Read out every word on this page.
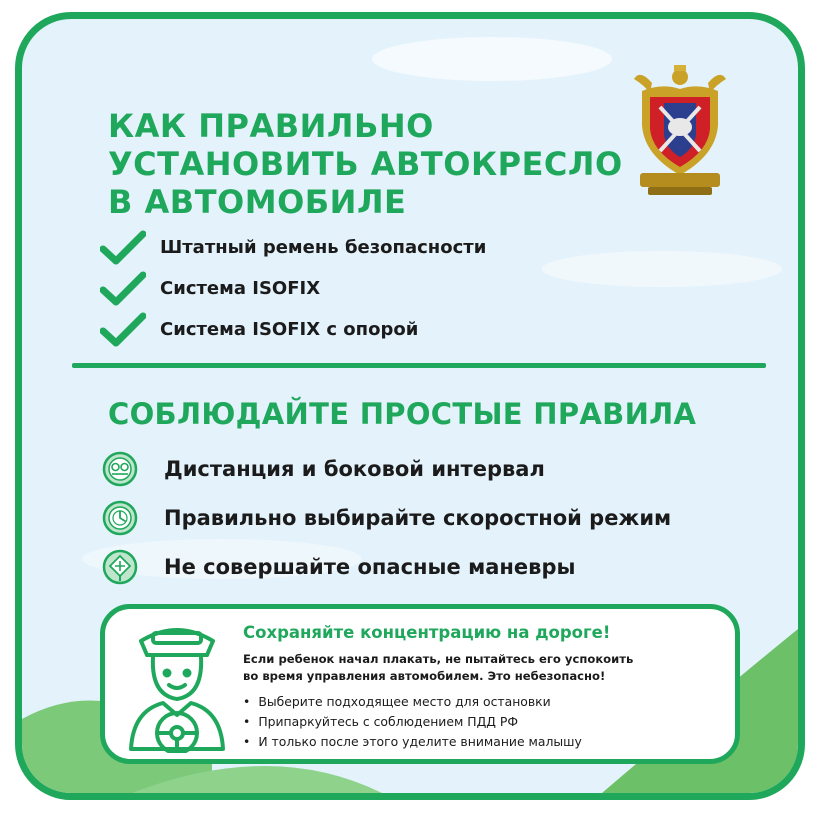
КАК ПРАВИЛЬНО
УСТАНОВИТЬ АВТОКРЕСЛО
В АВТОМОБИЛЕ
Штатный ремень безопасности
Система ISOFIX
Система ISOFIX с опорой
СОБЛЮДАЙТЕ ПРОСТЫЕ ПРАВИЛА
Дистанция и боковой интервал
Правильно выбирайте скоростной режим
Не совершайте опасные маневры

Сохраняйте концентрацию на дороге!

Если ребенок начал плакать, не пытайтесь его успокоить
во время управления автомобилем. Это небезопасно!
• Выберите подходящее место для остановки
• Припаркуйтесь с соблюдением ПДД РФ
• И только после этого уделите внимание малышу
